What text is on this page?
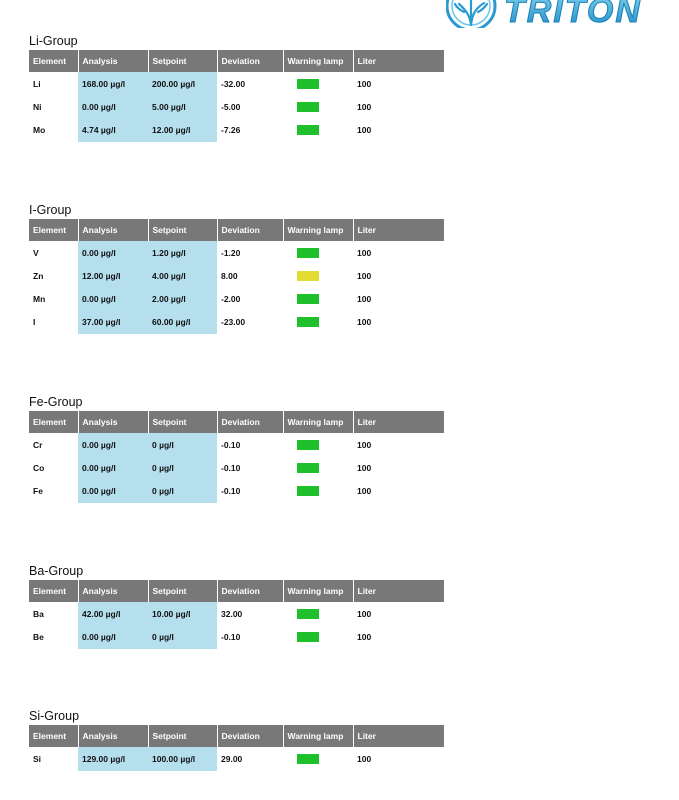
TRITON
Li-Group
Element	Analysis	Setpoint	Deviation	Warning lamp	Liter
Li	168.00 µg/l	200.00 µg/l	-32.00		100
Ni	0.00 µg/l	5.00 µg/l	-5.00		100
Mo	4.74 µg/l	12.00 µg/l	-7.26		100
I-Group
Element	Analysis	Setpoint	Deviation	Warning lamp	Liter
V	0.00 µg/l	1.20 µg/l	-1.20		100
Zn	12.00 µg/l	4.00 µg/l	8.00		100
Mn	0.00 µg/l	2.00 µg/l	-2.00		100
I	37.00 µg/l	60.00 µg/l	-23.00		100
Fe-Group
Element	Analysis	Setpoint	Deviation	Warning lamp	Liter
Cr	0.00 µg/l	0 µg/l	-0.10		100
Co	0.00 µg/l	0 µg/l	-0.10		100
Fe	0.00 µg/l	0 µg/l	-0.10		100
Ba-Group
Element	Analysis	Setpoint	Deviation	Warning lamp	Liter
Ba	42.00 µg/l	10.00 µg/l	32.00		100
Be	0.00 µg/l	0 µg/l	-0.10		100
Si-Group
Element	Analysis	Setpoint	Deviation	Warning lamp	Liter
Si	129.00 µg/l	100.00 µg/l	29.00		100
